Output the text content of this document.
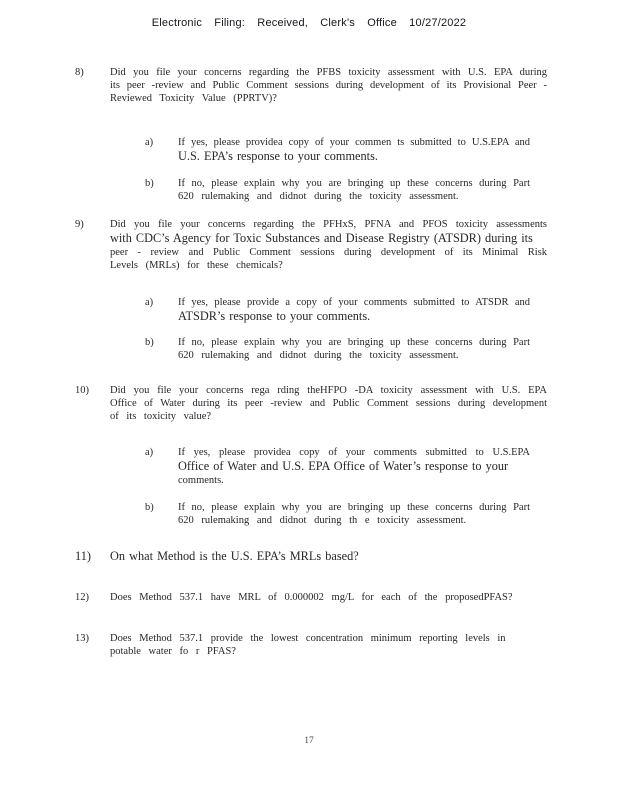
Electronic Filing: Received, Clerk's Office 10/27/2022
8)	Did you file your concerns regarding the PFBS toxicity assessment with U.S. EPA during
its peer -review and Public Comment sessions during development of its Provisional Peer -
Reviewed Toxicity Value (PPRTV)?
a)	If yes, please providea copy of your commen ts submitted to U.S.EPA and
U.S. EPA’s response to your comments.
b)	If no, please explain why you are bringing up these concerns during Part
620 rulemaking and didnot during the toxicity assessment.
9)	Did you file your concerns regarding the PFHxS, PFNA and PFOS toxicity assessments
with CDC’s Agency for Toxic Substances and Disease Registry (ATSDR) during its
peer - review and Public Comment sessions during development of its Minimal Risk
Levels (MRLs) for these chemicals?
a)	If yes, please provide a copy of your comments submitted to ATSDR and
ATSDR’s response to your comments.
b)	If no, please explain why you are bringing up these concerns during Part
620 rulemaking and didnot during the toxicity assessment.
10)	Did you file your concerns rega rding theHFPO -DA toxicity assessment with U.S. EPA
Office of Water during its peer -review and Public Comment sessions during development
of its toxicity value?
a)	If yes, please providea copy of your comments submitted to U.S.EPA
Office of Water and U.S. EPA Office of Water’s response to your
comments.
b)	If no, please explain why you are bringing up these concerns during Part
620 rulemaking and didnot during th e toxicity assessment.
11)	On what Method is the U.S. EPA’s MRLs based?
12)	Does Method 537.1 have MRL of 0.000002 mg/L for each of the proposedPFAS?
13)	Does Method 537.1 provide the lowest concentration minimum reporting levels in
potable water fo r PFAS?
17
